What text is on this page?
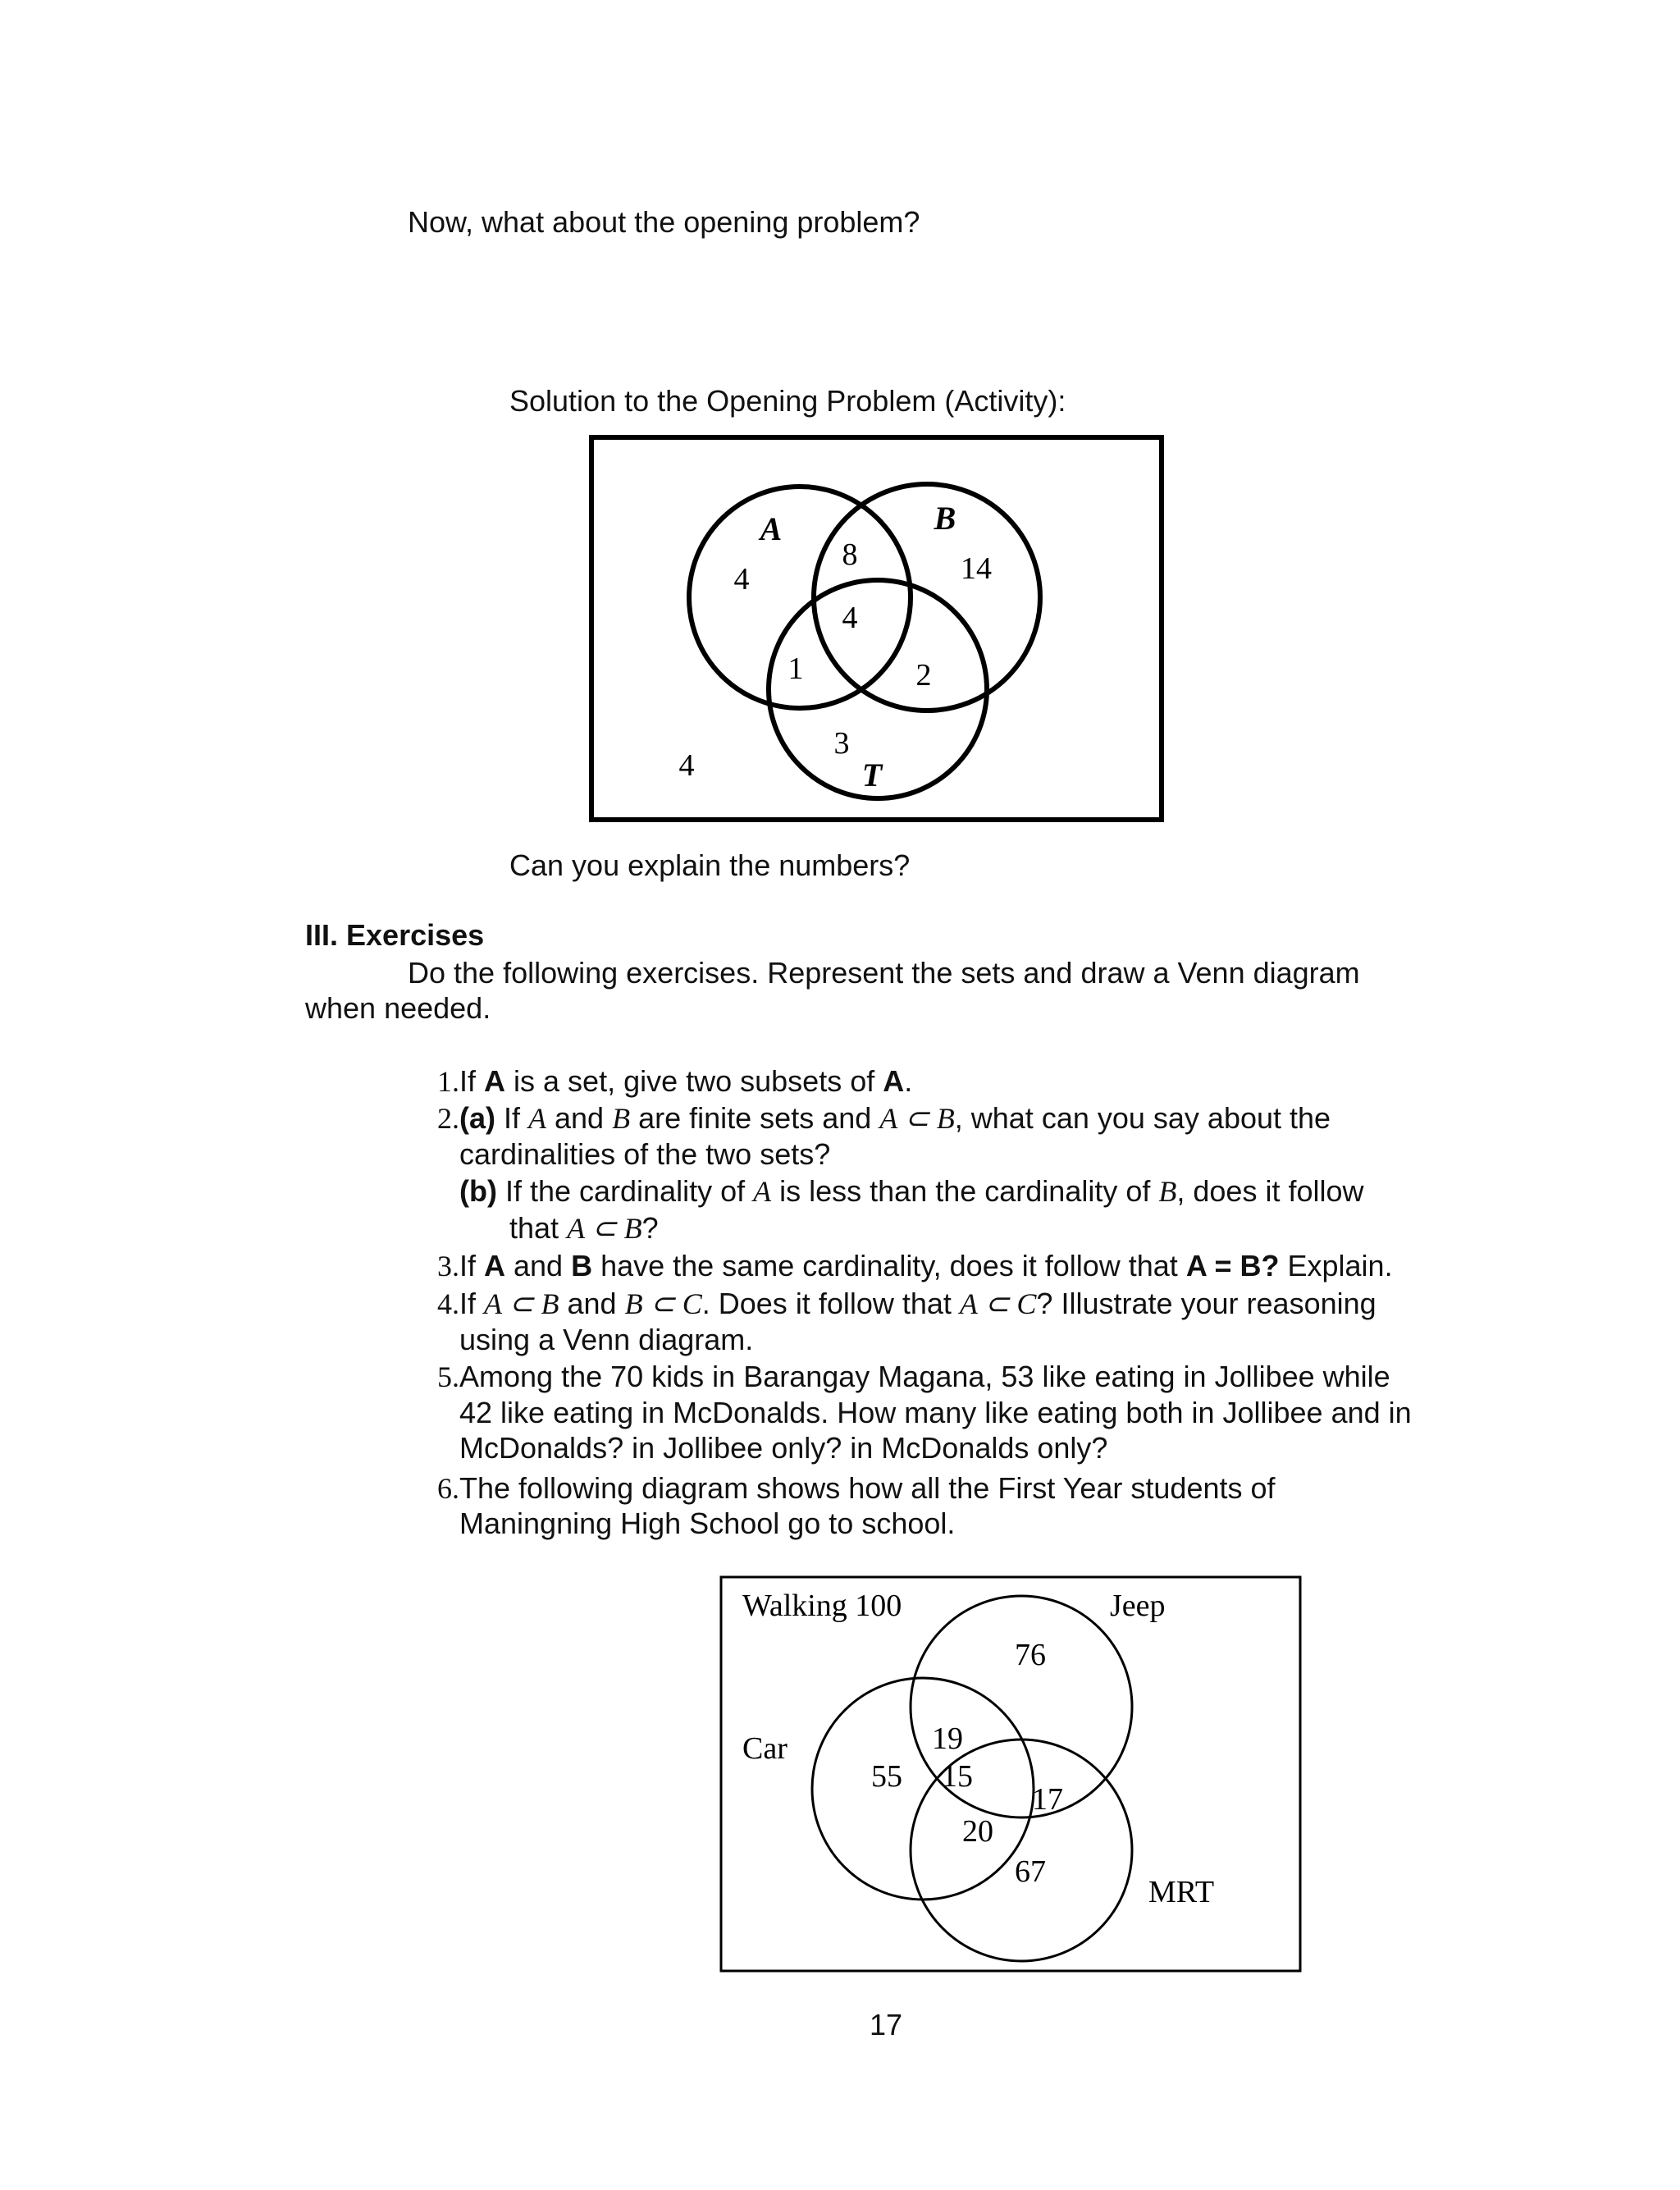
Now, what about the opening problem?
Solution to the Opening Problem (Activity):
A	B
T
4
8	14
4
1	2
3
4
Can you explain the numbers?
III. Exercises
Do the following exercises. Represent the sets and draw a Venn diagram
when needed.
1. If A is a set, give two subsets of A.
2. (a) If A and B are finite sets and A ⊂ B, what can you say about the
cardinalities of the two sets?
(b) If the cardinality of A is less than the cardinality of B, does it follow
that A ⊂ B?
3. If A and B have the same cardinality, does it follow that A = B? Explain.
4. If A ⊂ B and B ⊂ C. Does it follow that A ⊂ C? Illustrate your reasoning
using a Venn diagram.
5. Among the 70 kids in Barangay Magana, 53 like eating in Jollibee while
42 like eating in McDonalds. How many like eating both in Jollibee and in
McDonalds? in Jollibee only? in McDonalds only?
6. The following diagram shows how all the First Year students of
Maningning High School go to school.
Walking 100	Jeep
Car
MRT
76
19
55 15
17
20
67
17
